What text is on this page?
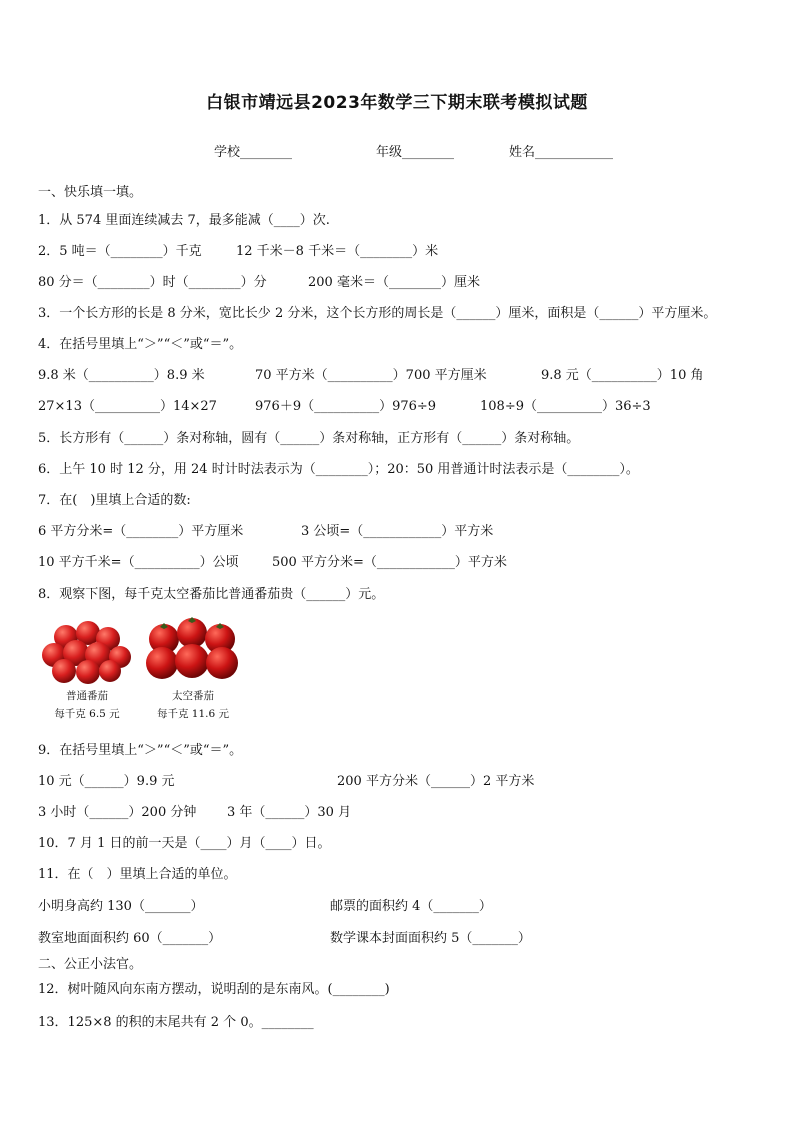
白银市靖远县2023年数学三下期末联考模拟试题
学校________	年级________	姓名____________
一、快乐填一填。
1．从 574 里面连续减去 7，最多能减（____）次.
2．5 吨＝（________）千克	12 千米－8 千米＝（________）米
80 分＝（________）时（________）分	200 毫米＝（________）厘米
3．一个长方形的长是 8 分米，宽比长少 2 分米，这个长方形的周长是（______）厘米，面积是（______）平方厘米。
4．在括号里填上“＞”“＜”或“＝”。
9.8 米（__________）8.9 米	70 平方米（__________）700 平方厘米	9.8 元（__________）10 角
27×13（__________）14×27	976＋9（__________）976÷9	108÷9（__________）36÷3
5．长方形有（______）条对称轴，圆有（______）条对称轴，正方形有（______）条对称轴。
6．上午 10 时 12 分，用 24 时计时法表示为（________）；20：50 用普通计时法表示是（________）。
7．在(　)里填上合适的数:
6 平方分米=（________）平方厘米	3 公顷=（____________）平方米
10 平方千米=（__________）公顷	500 平方分米=（____________）平方米
8．观察下图，每千克太空番茄比普通番茄贵（______）元。
普通番茄
每千克 6.5 元
太空番茄
每千克 11.6 元
9．在括号里填上“＞”“＜”或“＝”。
10 元（______）9.9 元	200 平方分米（______）2 平方米
3 小时（______）200 分钟 3 年（______）30 月
10．7 月 1 日的前一天是（____）月（____）日。
11．在（　）里填上合适的单位。
小明身高约 130（_______）	邮票的面积约 4（_______）
教室地面面积约 60（_______）	数学课本封面面积约 5（_______）
二、公正小法官。
12．树叶随风向东南方摆动，说明刮的是东南风。(________)
13．125×8 的积的末尾共有 2 个 0。________
